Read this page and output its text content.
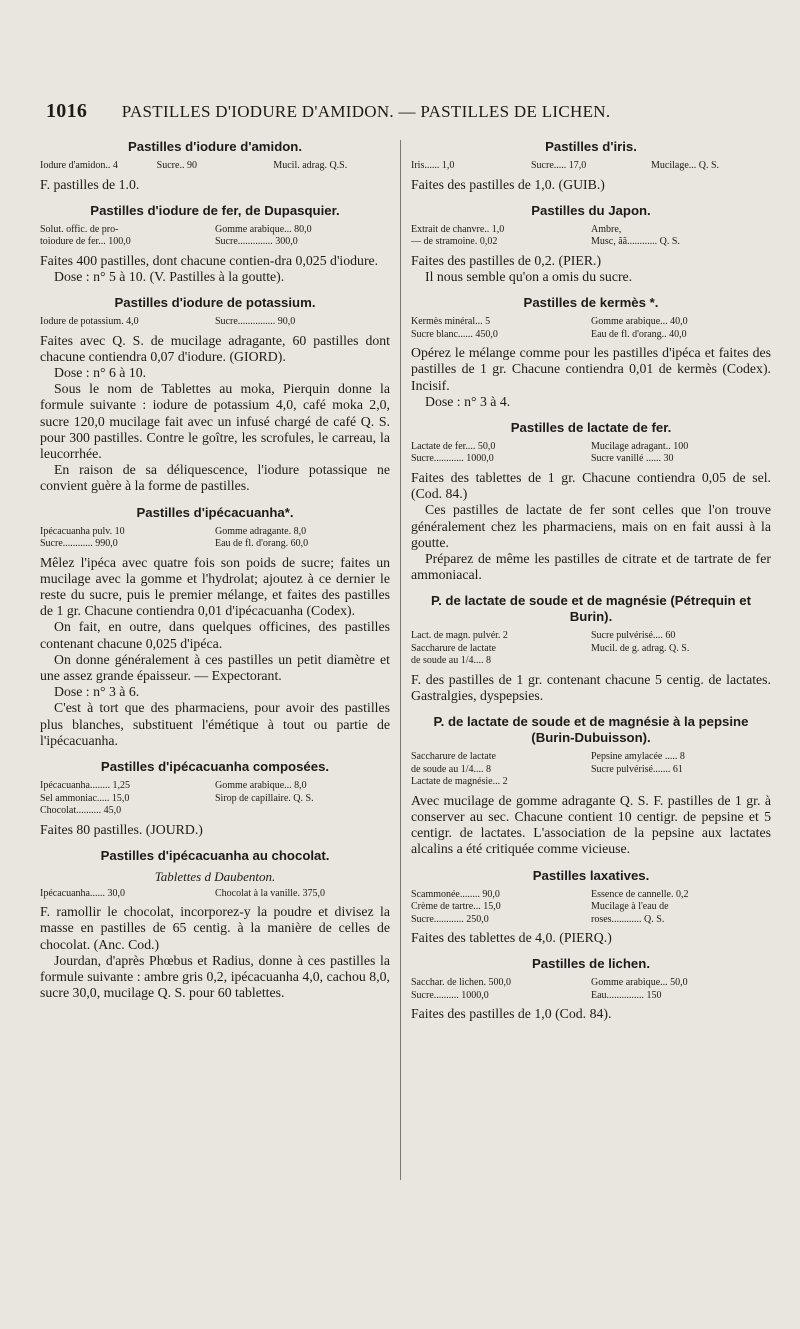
1016 PASTILLES D'IODURE D'AMIDON. — PASTILLES DE LICHEN.
Pastilles d'iodure d'amidon.
Iodure d'amidon.. 4	Sucre.. 90	Mucil. adrag. Q.S.

F. pastilles de 1.0.

Pastilles d'iodure de fer, de Dupasquier.
Solut. offic. de pro-	Gomme arabique... 80,0
toiodure de fer... 100,0	Sucre.............. 300,0

Faites 400 pastilles, dont chacune contien-dra 0,025 d'iodure.

Dose : n° 5 à 10. (V. Pastilles à la goutte).

Pastilles d'iodure de potassium.
Iodure de potassium. 4,0	Sucre............... 90,0

Faites avec Q. S. de mucilage adragante, 60 pastilles dont chacune contiendra 0,07 d'iodure. (GIORD).

Dose : n° 6 à 10.

Sous le nom de Tablettes au moka, Pierquin donne la formule suivante : iodure de potassium 4,0, café moka 2,0, sucre 120,0 mucilage fait avec un infusé chargé de café Q. S. pour 300 pastilles. Contre le goître, les scrofules, le carreau, la leucorrhée.

En raison de sa déliquescence, l'iodure potassique ne convient guère à la forme de pastilles.

Pastilles d'ipécacuanha*.
Ipécacuanha pulv. 10	Gomme adragante. 8,0
Sucre............ 990,0	Eau de fl. d'orang. 60,0

Mêlez l'ipéca avec quatre fois son poids de sucre; faites un mucilage avec la gomme et l'hydrolat; ajoutez à ce dernier le reste du sucre, puis le premier mélange, et faites des pastilles de 1 gr. Chacune contiendra 0,01 d'ipécacuanha (Codex).

On fait, en outre, dans quelques officines, des pastilles contenant chacune 0,025 d'ipéca.

On donne généralement à ces pastilles un petit diamètre et une assez grande épaisseur. — Expectorant.

Dose : n° 3 à 6.

C'est à tort que des pharmaciens, pour avoir des pastilles plus blanches, substituent l'émétique à tout ou partie de l'ipécacuanha.

Pastilles d'ipécacuanha composées.
Ipécacuanha........ 1,25	Gomme arabique... 8,0
Sel ammoniac..... 15,0	Sirop de capillaire. Q. S.
Chocolat.......... 45,0

Faites 80 pastilles. (JOURD.)

Pastilles d'ipécacuanha au chocolat.
Tablettes d Daubenton.
Ipécacuanha...... 30,0	Chocolat à la vanille. 375,0

F. ramollir le chocolat, incorporez-y la poudre et divisez la masse en pastilles de 65 centig. à la manière de celles de chocolat. (Anc. Cod.)

Jourdan, d'après Phœbus et Radius, donne à ces pastilles la formule suivante : ambre gris 0,2, ipécacuanha 4,0, cachou 8,0, sucre 30,0, mucilage Q. S. pour 60 tablettes.

Pastilles d'iris.
Iris...... 1,0	Sucre..... 17,0	Mucilage... Q. S.

Faites des pastilles de 1,0. (GUIB.)

Pastilles du Japon.
Extrait de chanvre.. 1,0	Ambre,
— de stramoine. 0,02	Musc, ãã............ Q. S.

Faites des pastilles de 0,2. (PIER.)

Il nous semble qu'on a omis du sucre.

Pastilles de kermès *.
Kermès minéral... 5	Gomme arabique... 40,0
Sucre blanc...... 450,0	Eau de fl. d'orang.. 40,0

Opérez le mélange comme pour les pastilles d'ipéca et faites des pastilles de 1 gr. Chacune contiendra 0,01 de kermès (Codex). Incisif.

Dose : n° 3 à 4.

Pastilles de lactate de fer.
Lactate de fer.... 50,0	Mucilage adragant.. 100
Sucre............ 1000,0	Sucre vanillé ...... 30

Faites des tablettes de 1 gr. Chacune contiendra 0,05 de sel. (Cod. 84.)

Ces pastilles de lactate de fer sont celles que l'on trouve généralement chez les pharmaciens, mais on en fait aussi à la goutte.

Préparez de même les pastilles de citrate et de tartrate de fer ammoniacal.

P. de lactate de soude et de magnésie (Pétrequin et Burin).
Lact. de magn. pulvér. 2	Sucre pulvérisé.... 60
Saccharure de lactate	Mucil. de g. adrag. Q. S.
de soude au 1/4.... 8

F. des pastilles de 1 gr. contenant chacune 5 centig. de lactates. Gastralgies, dyspepsies.

P. de lactate de soude et de magnésie à la pepsine (Burin-Dubuisson).
Saccharure de lactate	Pepsine amylacée ..... 8
de soude au 1/4.... 8	Sucre pulvérisé....... 61
Lactate de magnésie... 2

Avec mucilage de gomme adragante Q. S. F. pastilles de 1 gr. à conserver au sec. Chacune contient 10 centigr. de pepsine et 5 centigr. de lactates. L'association de la pepsine aux lactates alcalins a été critiquée comme vicieuse.

Pastilles laxatives.
Scammonée........ 90,0	Essence de cannelle. 0,2
Crème de tartre... 15,0	Mucilage à l'eau de
Sucre............ 250,0	roses............ Q. S.

Faites des tablettes de 4,0. (PIERQ.)

Pastilles de lichen.
Sacchar. de lichen. 500,0	Gomme arabique... 50,0
Sucre.......... 1000,0	Eau............... 150

Faites des pastilles de 1,0 (Cod. 84).
